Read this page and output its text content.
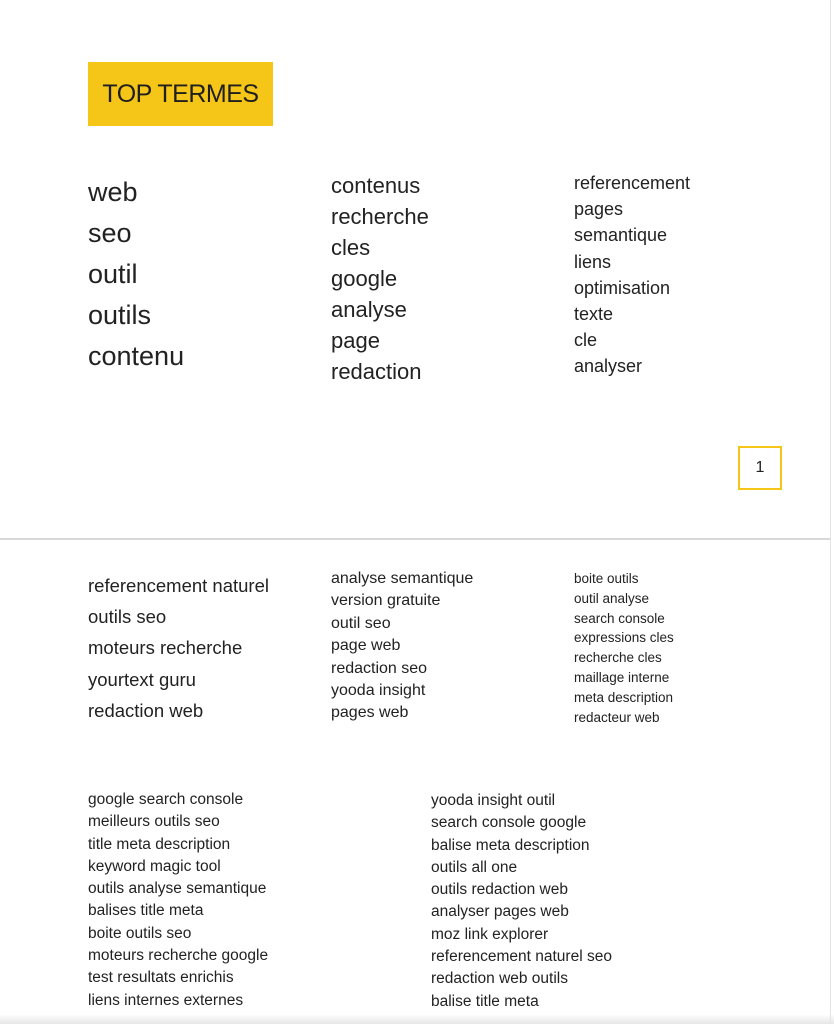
TOP TERMES
web
seo
outil
outils
contenu
contenus
recherche
cles
google
analyse
page
redaction
referencement
pages
semantique
liens
optimisation
texte
cle
analyser
1
referencement naturel
outils seo
moteurs recherche
yourtext guru
redaction web
analyse semantique
version gratuite
outil seo
page web
redaction seo
yooda insight
pages web
boite outils
outil analyse
search console
expressions cles
recherche cles
maillage interne
meta description
redacteur web
google search console
meilleurs outils seo
title meta description
keyword magic tool
outils analyse semantique
balises title meta
boite outils seo
moteurs recherche google
test resultats enrichis
liens internes externes
yooda insight outil
search console google
balise meta description
outils all one
outils redaction web
analyser pages web
moz link explorer
referencement naturel seo
redaction web outils
balise title meta
